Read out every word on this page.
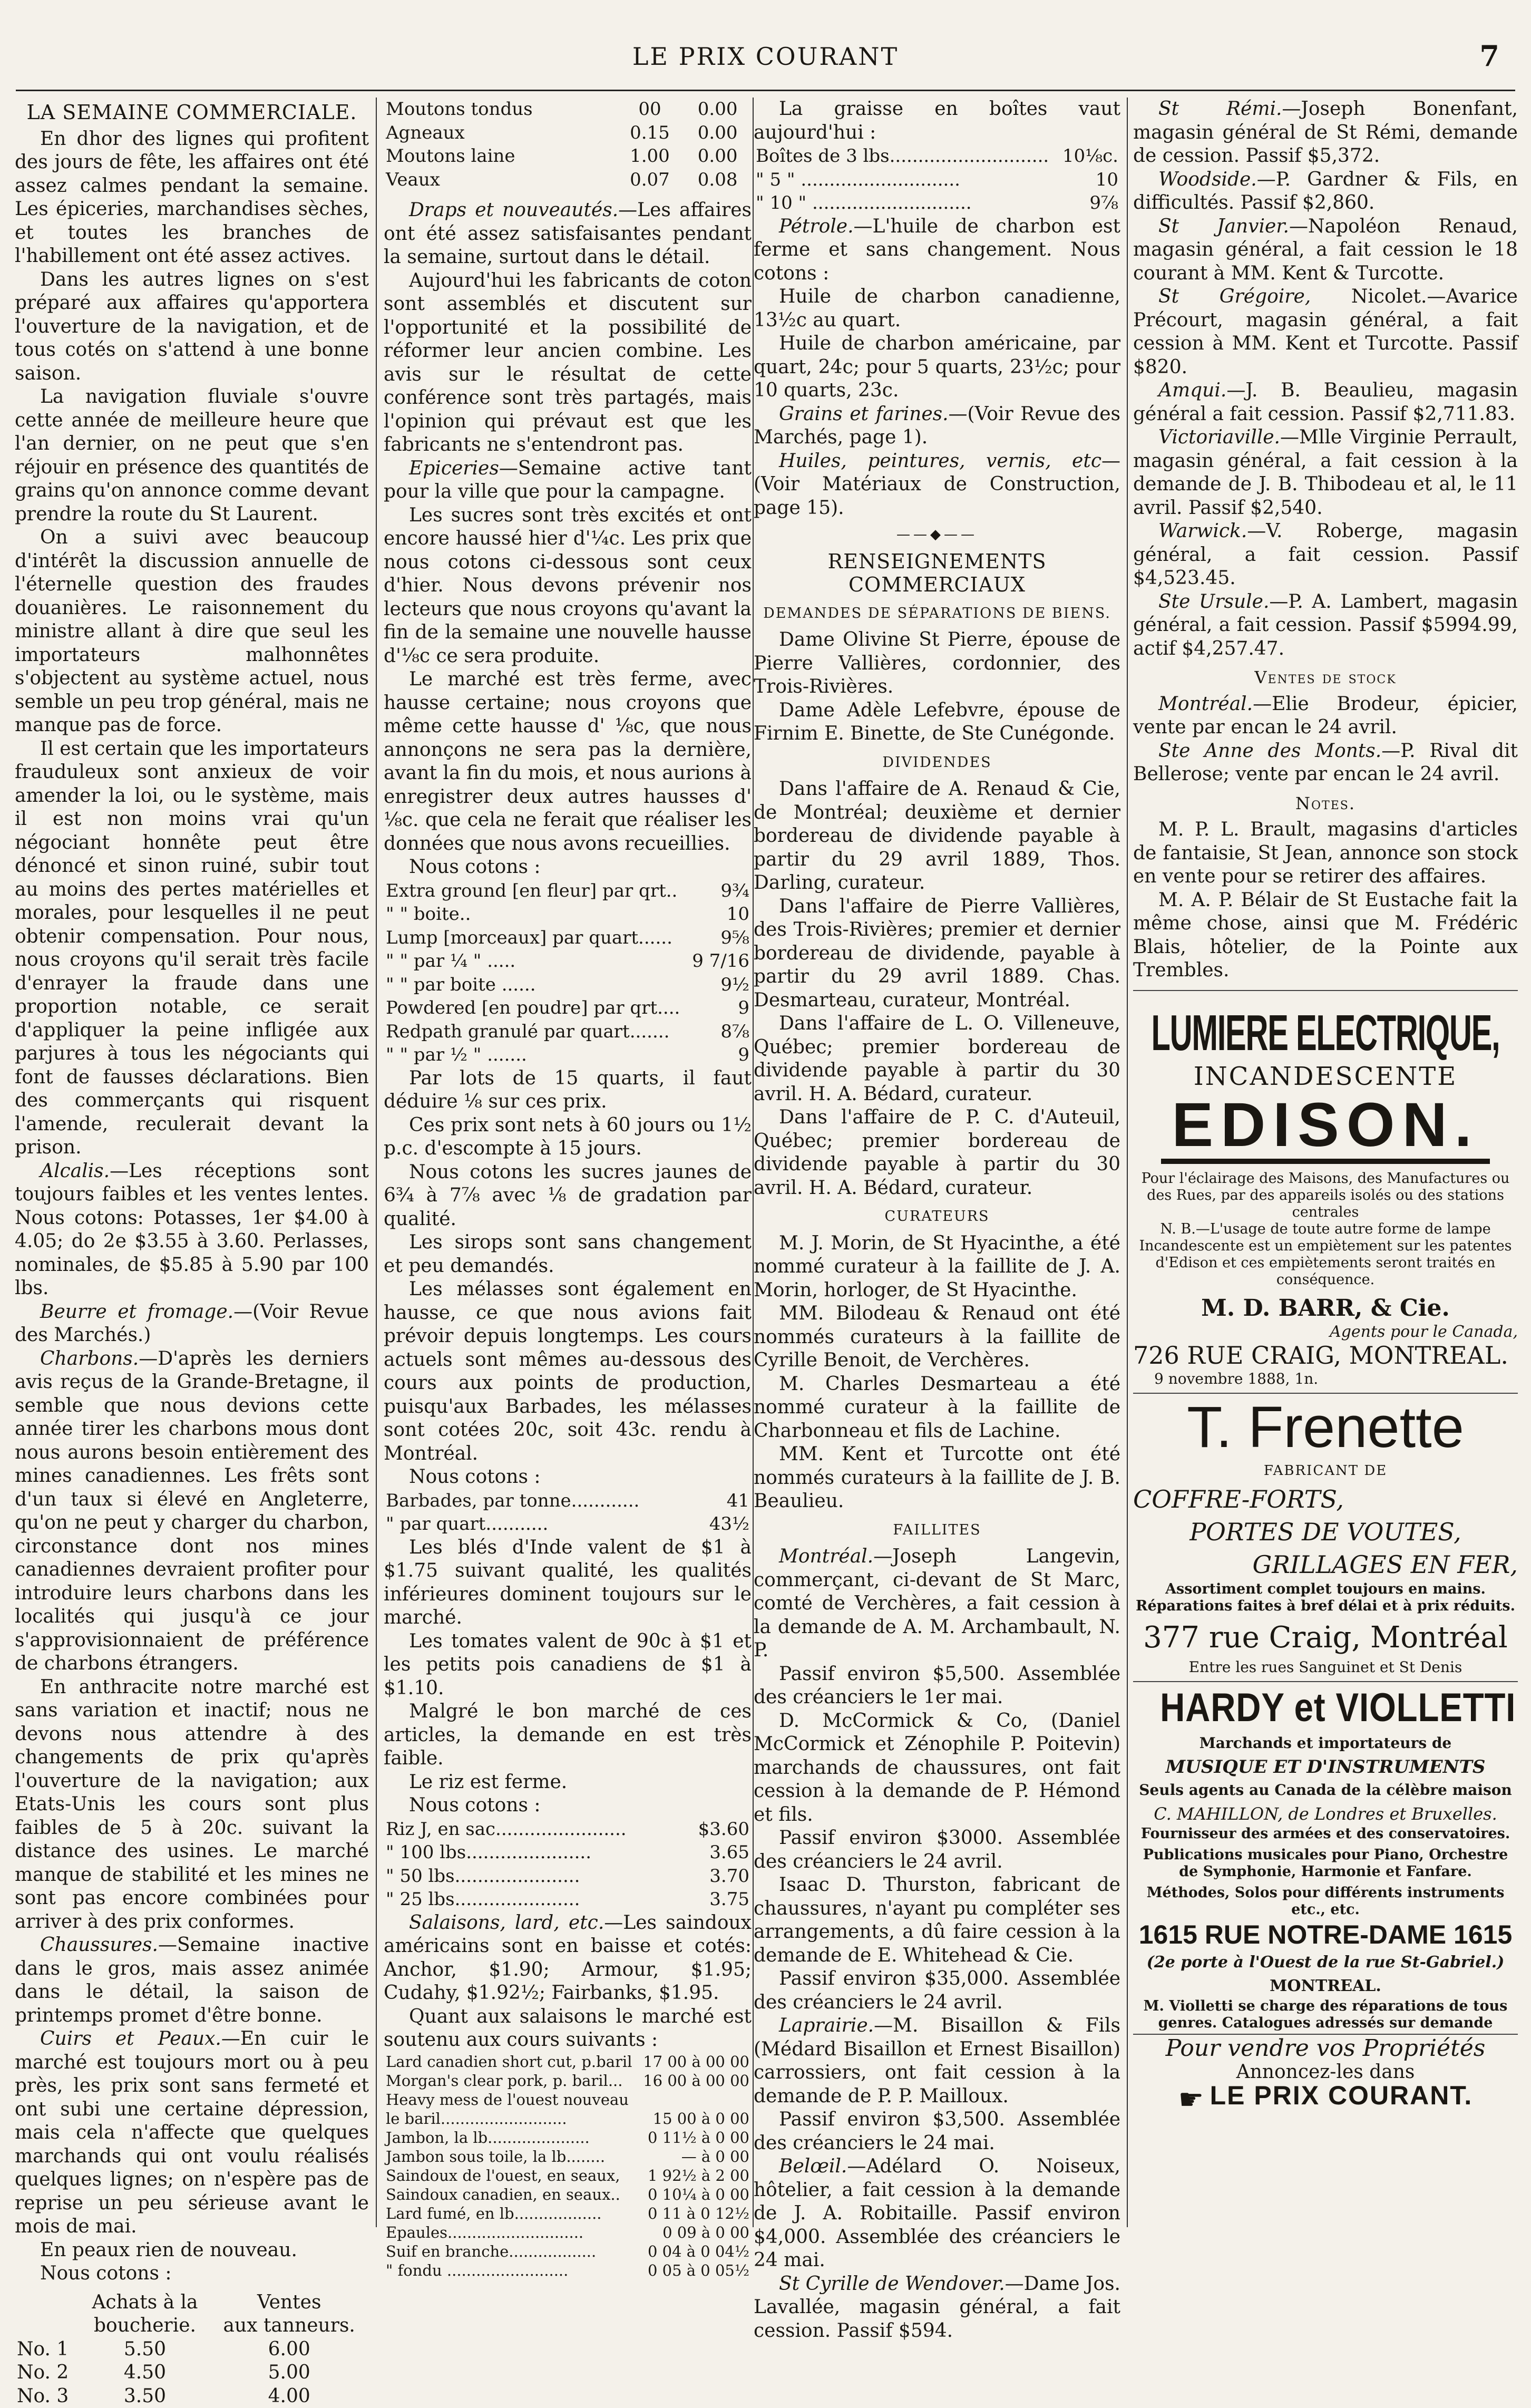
LE PRIX COURANT	7
LA SEMAINE COMMERCIALE.

En dhor des lignes qui profitent des jours de fête, les affaires ont été assez calmes pendant la semaine. Les épiceries, marchandises sèches, et toutes les branches de l'habillement ont été assez actives.

Dans les autres lignes on s'est préparé aux affaires qu'apportera l'ouverture de la navigation, et de tous cotés on s'attend à une bonne saison.

La navigation fluviale s'ouvre cette année de meilleure heure que l'an dernier, on ne peut que s'en réjouir en présence des quantités de grains qu'on annonce comme devant prendre la route du St Laurent.

On a suivi avec beaucoup d'intérêt la discussion annuelle de l'éternelle question des fraudes douanières. Le raisonnement du ministre allant à dire que seul les importateurs malhonnêtes s'objectent au système actuel, nous semble un peu trop général, mais ne manque pas de force.

Il est certain que les importateurs frauduleux sont anxieux de voir amender la loi, ou le système, mais il est non moins vrai qu'un négociant honnête peut être dénoncé et sinon ruiné, subir tout au moins des pertes matérielles et morales, pour lesquelles il ne peut obtenir compensation. Pour nous, nous croyons qu'il serait très facile d'enrayer la fraude dans une proportion notable, ce serait d'appliquer la peine infligée aux parjures à tous les négociants qui font de fausses déclarations. Bien des commerçants qui risquent l'amende, reculerait devant la prison.

Alcalis.—Les réceptions sont toujours faibles et les ventes lentes. Nous cotons: Potasses, 1er $4.00 à 4.05; do 2e $3.55 à 3.60. Perlasses, nominales, de $5.85 à 5.90 par 100 lbs.

Beurre et fromage.—(Voir Revue des Marchés.)

Charbons.—D'après les derniers avis reçus de la Grande-Bretagne, il semble que nous devions cette année tirer les charbons mous dont nous aurons besoin entièrement des mines canadiennes. Les frêts sont d'un taux si élevé en Angleterre, qu'on ne peut y charger du charbon, circonstance dont nos mines canadiennes devraient profiter pour introduire leurs charbons dans les localités qui jusqu'à ce jour s'approvisionnaient de préférence de charbons étrangers.

En anthracite notre marché est sans variation et inactif; nous ne devons nous attendre à des changements de prix qu'après l'ouverture de la navigation; aux Etats-Unis les cours sont plus faibles de 5 à 20c. suivant la distance des usines. Le marché manque de stabilité et les mines ne sont pas encore combinées pour arriver à des prix conformes.

Chaussures.—Semaine inactive dans le gros, mais assez animée dans le détail, la saison de printemps promet d'être bonne.

Cuirs et Peaux.—En cuir le marché est toujours mort ou à peu près, les prix sont sans fermeté et ont subi une certaine dépression, mais cela n'affecte que quelques marchands qui ont voulu réalisés quelques lignes; on n'espère pas de reprise un peu sérieuse avant le mois de mai.

En peaux rien de nouveau.

Nous cotons :

	Achats à la	Ventes
	boucherie.	aux tanneurs.
No. 1	5.50	6.00
No. 2	4.50	5.00
No. 3	3.50	4.00
Moutons tondus	00	0.00
Agneaux	0.15	0.00
Moutons laine	1.00	0.00
Veaux	0.07	0.08

Draps et nouveautés.—Les affaires ont été assez satisfaisantes pendant la semaine, surtout dans le détail.

Aujourd'hui les fabricants de coton sont assemblés et discutent sur l'opportunité et la possibilité de réformer leur ancien combine. Les avis sur le résultat de cette conférence sont très partagés, mais l'opinion qui prévaut est que les fabricants ne s'entendront pas.

Epiceries—Semaine active tant pour la ville que pour la campagne.

Les sucres sont très excités et ont encore haussé hier d'¼c. Les prix que nous cotons ci-dessous sont ceux d'hier. Nous devons prévenir nos lecteurs que nous croyons qu'avant la fin de la semaine une nouvelle hausse d'⅛c ce sera produite.

Le marché est très ferme, avec hausse certaine; nous croyons que même cette hausse d' ⅛c, que nous annonçons ne sera pas la dernière, avant la fin du mois, et nous aurions à enregistrer deux autres hausses d' ⅛c. que cela ne ferait que réaliser les données que nous avons recueillies.

Nous cotons :

Extra ground [en fleur] par qrt..	9¾
" " boite..	10
Lump [morceaux] par quart......	9⅝
" " par ¼ " .....	9 7/16
" " par boite ......	9½
Powdered [en poudre] par qrt....	9
Redpath granulé par quart.......	8⅞
" " par ½ " .......	9

Par lots de 15 quarts, il faut déduire ⅛ sur ces prix.

Ces prix sont nets à 60 jours ou 1½ p.c. d'escompte à 15 jours.

Nous cotons les sucres jaunes de 6¾ à 7⅞ avec ⅛ de gradation par qualité.

Les sirops sont sans changement et peu demandés.

Les mélasses sont également en hausse, ce que nous avions fait prévoir depuis longtemps. Les cours actuels sont mêmes au-dessous des cours aux points de production, puisqu'aux Barbades, les mélasses sont cotées 20c, soit 43c. rendu à Montréal.

Nous cotons :

Barbades, par tonne............	41
" par quart...........	43½

Les blés d'Inde valent de $1 à $1.75 suivant qualité, les qualités inférieures dominent toujours sur le marché.

Les tomates valent de 90c à $1 et les petits pois canadiens de $1 à $1.10.

Malgré le bon marché de ces articles, la demande en est très faible.

Le riz est ferme.

Nous cotons :

Riz J, en sac.......................	$3.60
" 100 lbs......................	3.65
" 50 lbs......................	3.70
" 25 lbs......................	3.75

Salaisons, lard, etc.—Les saindoux américains sont en baisse et cotés: Anchor, $1.90; Armour, $1.95; Cudahy, $1.92½; Fairbanks, $1.95.

Quant aux salaisons le marché est soutenu aux cours suivants :

Lard canadien short cut, p.baril	17 00 à 00 00
Morgan's clear pork, p. baril...	16 00 à 00 00
Heavy mess de l'ouest nouveau	
le baril..........................	15 00 à 0 00
Jambon, la lb.....................	0 11½ à 0 00
Jambon sous toile, la lb........	— à 0 00
Saindoux de l'ouest, en seaux,	1 92½ à 2 00
Saindoux canadien, en seaux..	0 10¼ à 0 00
Lard fumé, en lb..................	0 11 à 0 12½
Epaules............................	0 09 à 0 00
Suif en branche..................	0 04 à 0 04½
" fondu .........................	0 05 à 0 05½

La graisse en boîtes vaut aujourd'hui :

Boîtes de 3 lbs............................	10⅛c.
" 5 " ............................	10
" 10 " ............................	9⅞

Pétrole.—L'huile de charbon est ferme et sans changement. Nous cotons :

Huile de charbon canadienne, 13½c au quart.

Huile de charbon américaine, par quart, 24c; pour 5 quarts, 23½c; pour 10 quarts, 23c.

Grains et farines.—(Voir Revue des Marchés, page 1).

Huiles, peintures, vernis, etc—(Voir Matériaux de Construction, page 15).

——◆——
RENSEIGNEMENTS COMMERCIAUX
DEMANDES DE SÉPARATIONS DE BIENS.

Dame Olivine St Pierre, épouse de Pierre Vallières, cordonnier, des Trois-Rivières.

Dame Adèle Lefebvre, épouse de Firnim E. Binette, de Ste Cunégonde.

DIVIDENDES

Dans l'affaire de A. Renaud & Cie, de Montréal; deuxième et dernier bordereau de dividende payable à partir du 29 avril 1889, Thos. Darling, curateur.

Dans l'affaire de Pierre Vallières, des Trois-Rivières; premier et dernier bordereau de dividende, payable à partir du 29 avril 1889. Chas. Desmarteau, curateur, Montréal.

Dans l'affaire de L. O. Villeneuve, Québec; premier bordereau de dividende payable à partir du 30 avril. H. A. Bédard, curateur.

Dans l'affaire de P. C. d'Auteuil, Québec; premier bordereau de dividende payable à partir du 30 avril. H. A. Bédard, curateur.

CURATEURS

M. J. Morin, de St Hyacinthe, a été nommé curateur à la faillite de J. A. Morin, horloger, de St Hyacinthe.

MM. Bilodeau & Renaud ont été nommés curateurs à la faillite de Cyrille Benoit, de Verchères.

M. Charles Desmarteau a été nommé curateur à la faillite de Charbonneau et fils de Lachine.

MM. Kent et Turcotte ont été nommés curateurs à la faillite de J. B. Beaulieu.

FAILLITES

Montréal.—Joseph Langevin, commerçant, ci-devant de St Marc, comté de Verchères, a fait cession à la demande de A. M. Archambault, N. P.

Passif environ $5,500. Assemblée des créanciers le 1er mai.

D. McCormick & Co, (Daniel McCormick et Zénophile P. Poitevin) marchands de chaussures, ont fait cession à la demande de P. Hémond et fils.

Passif environ $3000. Assemblée des créanciers le 24 avril.

Isaac D. Thurston, fabricant de chaussures, n'ayant pu compléter ses arrangements, a dû faire cession à la demande de E. Whitehead & Cie.

Passif environ $35,000. Assemblée des créanciers le 24 avril.

Laprairie.—M. Bisaillon & Fils (Médard Bisaillon et Ernest Bisaillon) carrossiers, ont fait cession à la demande de P. P. Mailloux.

Passif environ $3,500. Assemblée des créanciers le 24 mai.

Belœil.—Adélard O. Noiseux, hôtelier, a fait cession à la demande de J. A. Robitaille. Passif environ $4,000. Assemblée des créanciers le 24 mai.

St Cyrille de Wendover.—Dame Jos. Lavallée, magasin général, a fait cession. Passif $594.

St Rémi.—Joseph Bonenfant, magasin général de St Rémi, demande de cession. Passif $5,372.

Woodside.—P. Gardner & Fils, en difficultés. Passif $2,860.

St Janvier.—Napoléon Renaud, magasin général, a fait cession le 18 courant à MM. Kent & Turcotte.

St Grégoire, Nicolet.—Avarice Précourt, magasin général, a fait cession à MM. Kent et Turcotte. Passif $820.

Amqui.—J. B. Beaulieu, magasin général a fait cession. Passif $2,711.83.

Victoriaville.—Mlle Virginie Perrault, magasin général, a fait cession à la demande de J. B. Thibodeau et al, le 11 avril. Passif $2,540.

Warwick.—V. Roberge, magasin général, a fait cession. Passif $4,523.45.

Ste Ursule.—P. A. Lambert, magasin général, a fait cession. Passif $5994.99, actif $4,257.47.

Ventes de stock

Montréal.—Elie Brodeur, épicier, vente par encan le 24 avril.

Ste Anne des Monts.—P. Rival dit Bellerose; vente par encan le 24 avril.

Notes.

M. P. L. Brault, magasins d'articles de fantaisie, St Jean, annonce son stock en vente pour se retirer des affaires.

M. A. P. Bélair de St Eustache fait la même chose, ainsi que M. Frédéric Blais, hôtelier, de la Pointe aux Trembles.

LUMIERE ELECTRIQUE,
INCANDESCENTE
EDISON.
Pour l'éclairage des Maisons, des Manufactures ou des Rues, par des appareils isolés ou des stations centrales
N. B.—L'usage de toute autre forme de lampe Incandescente est un empiètement sur les patentes d'Edison et ces empiètements seront traités en conséquence.
M. D. BARR, & Cie.
Agents pour le Canada,
726 RUE CRAIG, MONTREAL.
9 novembre 1888, 1n.
T. Frenette
FABRICANT DE
COFFRE-FORTS,
PORTES DE VOUTES,
GRILLAGES EN FER,
Assortiment complet toujours en mains. Réparations faites à bref délai et à prix réduits.
377 rue Craig, Montréal
Entre les rues Sanguinet et St Denis
HARDY et VIOLLETTI
Marchands et importateurs de
MUSIQUE ET D'INSTRUMENTS
Seuls agents au Canada de la célèbre maison
C. MAHILLON, de Londres et Bruxelles.
Fournisseur des armées et des conservatoires.
Publications musicales pour Piano, Orchestre de Symphonie, Harmonie et Fanfare.
Méthodes, Solos pour différents instruments etc., etc.
1615 RUE NOTRE-DAME 1615
(2e porte à l'Ouest de la rue St-Gabriel.)
MONTREAL.
M. Violletti se charge des réparations de tous genres. Catalogues adressés sur demande
Pour vendre vos Propriétés
Annoncez-les dans
☛ LE PRIX COURANT.
